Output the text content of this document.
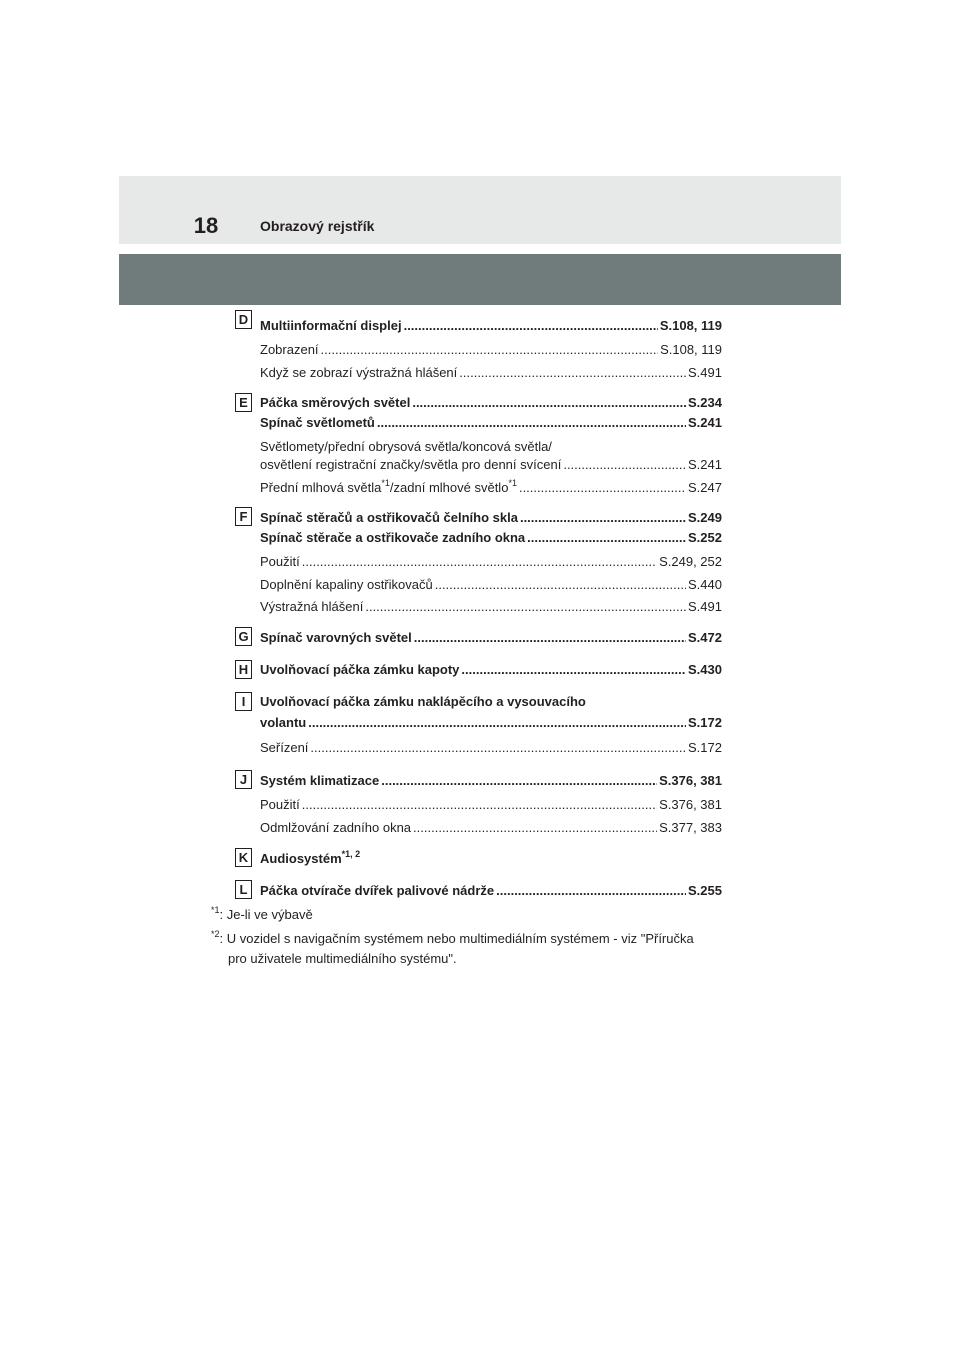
18	Obrazový rejstřík
D Multiinformační displej .....	S.108, 119
Zobrazení .....	S.108, 119
Když se zobrazí výstražná hlášení .....	S.491
E Páčka směrových světel .....	S.234
Spínač světlometů .....	S.241
Světlomety/přední obrysová světla/koncová světla/
osvětlení registrační značky/světla pro denní svícení .....	S.241
Přední mlhová světla$^{*1}$/zadní mlhové světlo$^{*1}$ .....	S.247
F Spínač stěračů a ostřikovačů čelního skla .....	S.249
Spínač stěrače a ostřikovače zadního okna .....	S.252
Použití .....	S.249, 252
Doplnění kapaliny ostřikovačů .....	S.440
Výstražná hlášení .....	S.491
G Spínač varovných světel .....	S.472
H Uvolňovací páčka zámku kapoty .....	S.430
I	Uvolňovací páčka zámku naklápěcího a vysouvacího
volantu .....	S.172
Seřízení .....	S.172
J Systém klimatizace .....	S.376, 381
Použití .....	S.376, 381
Odmlžování zadního okna .....	S.377, 383
K Audiosystém$^{*1, 2}$
L Páčka otvírače dvířek palivové nádrže .....	S.255
$^{*1}$: Je-li ve výbavě
$^{*2}$: U vozidel s navigačním systémem nebo multimediálním systémem - viz "Příručka
pro uživatele multimediálního systému".
